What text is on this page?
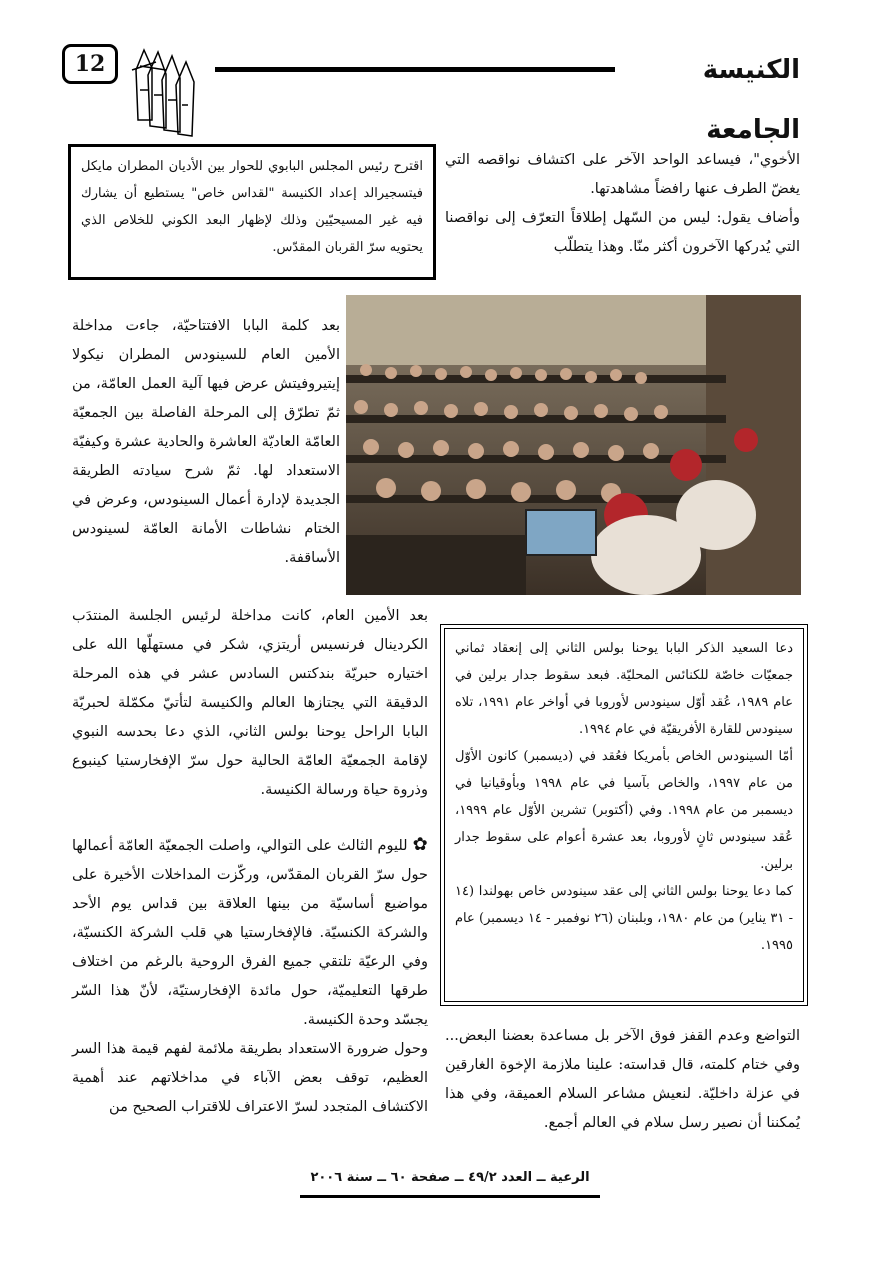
12	الكنيسة الجامعة
الأخوي"، فيساعد الواحد الآخر على اكتشاف نواقصه التي يغضّ الطرف عنها رافضاً مشاهدتها.
وأضاف يقول: ليس من السّهل إطلاقاً التعرّف إلى نواقصنا التي يُدركها الآخرون أكثر منّا. وهذا يتطلّب
اقترح رئيس المجلس البابوي للحوار بين الأديان المطران مايكل فيتسجيرالد إعداد الكنيسة "لقداس خاص" يستطيع أن يشارك فيه غير المسيحيّين وذلك لإظهار البعد الكوني للخلاص الذي يحتويه سرّ القربان المقدّس.
بعد كلمة البابا الافتتاحيّة، جاءت مداخلة الأمين العام للسينودس المطران نيكولا إيتيروفيتش عرض فيها آلية العمل العامّة، من ثمّ تطرّق إلى المرحلة الفاصلة بين الجمعيّة العامّة العاديّة العاشرة والحادية عشرة وكيفيّة الاستعداد لها. ثمّ شرح سيادته الطريقة الجديدة لإدارة أعمال السينودس، وعرض في الختام نشاطات الأمانة العامّة لسينودس الأساقفة.
بعد الأمين العام، كانت مداخلة لرئيس الجلسة المنتدَب الكردينال فرنسيس أريتزي، شكر في مستهلّها الله على اختياره حبريّة بندكتس السادس عشر في هذه المرحلة الدقيقة التي يجتازها العالم والكنيسة لتأتيّ مكمّلة لحبريّة البابا الراحل يوحنا بولس الثاني، الذي دعا بحدسه النبوي لإقامة الجمعيّة العامّة الحالية حول سرّ الإفخارستيا كينبوع وذروة حياة ورسالة الكنيسة.
✿ لليوم الثالث على التوالي، واصلت الجمعيّة العامّة أعمالها حول سرّ القربان المقدّس، وركّزت المداخلات الأخيرة على مواضيع أساسيّة من بينها العلاقة بين قداس يوم الأحد والشركة الكنسيّة. فالإفخارستيا هي قلب الشركة الكنسيّة، وفي الرعيّة تلتقي جميع الفرق الروحية بالرغم من اختلاف طرقها التعليميّة، حول مائدة الإفخارستيّة، لأنّ هذا السّر يجسّد وحدة الكنيسة.
وحول ضرورة الاستعداد بطريقة ملائمة لفهم قيمة هذا السر العظيم، توقف بعض الآباء في مداخلاتهم عند أهمية الاكتشاف المتجدد لسرّ الاعتراف للاقتراب الصحيح من
دعا السعيد الذكر البابا يوحنا بولس الثاني إلى إنعقاد ثماني جمعيّات خاصّة للكنائس المحليّة. فبعد سقوط جدار برلين في عام ١٩٨٩، عُقد أوّل سينودس لأوروبا في أواخر عام ١٩٩١، تلاه سينودس للقارة الأفريقيّة في عام ١٩٩٤.
أمّا السينودس الخاص بأمريكا فعُقد في (ديسمبر) كانون الأوّل من عام ١٩٩٧، والخاص بآسيا في عام ١٩٩٨ وبأوقيانيا في ديسمبر من عام ١٩٩٨. وفي (أكتوبر) تشرين الأوّل عام ١٩٩٩، عُقد سينودس ثانٍ لأوروبا، بعد عشرة أعوام على سقوط جدار برلين.
كما دعا يوحنا بولس الثاني إلى عقد سينودس خاص بهولندا (١٤ - ٣١ يناير) من عام ١٩٨٠، وبلبنان (٢٦ نوفمبر - ١٤ ديسمبر) عام ١٩٩٥.
التواضع وعدم القفز فوق الآخر بل مساعدة بعضنا البعض... وفي ختام كلمته، قال قداسته: علينا ملازمة الإخوة الغارقين في عزلة داخليّة. لنعيش مشاعر السلام العميقة، وفي هذا يُمكننا أن نصير رسل سلام في العالم أجمع.
الرعية ــ العدد ٤٩/٢ ــ صفحة ٦٠ ــ سنة ٢٠٠٦
